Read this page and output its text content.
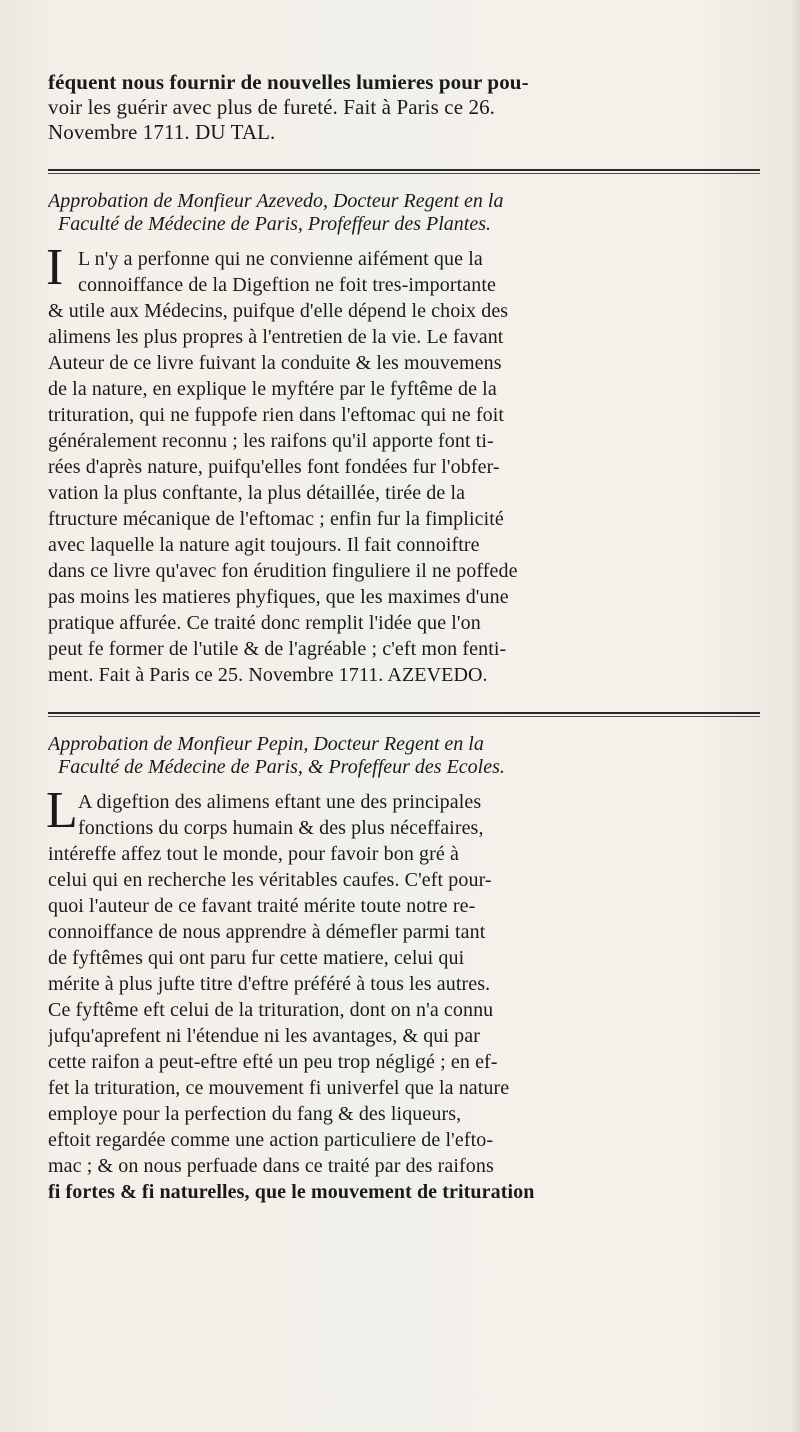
féquent nous fournir de nouvelles lumieres pour pou-

voir les guérir avec plus de fureté. Fait à Paris ce 26.

Novembre 1711. DU TAL.

Approbation de Monfieur Azevedo, Docteur Regent en la
Faculté de Médecine de Paris, Profeffeur des Plantes.
I L n'y a perfonne qui ne convienne aifément que la

connoiffance de la Digeftion ne foit tres-importante

& utile aux Médecins, puifque d'elle dépend le choix des

alimens les plus propres à l'entretien de la vie. Le favant

Auteur de ce livre fuivant la conduite & les mouvemens

de la nature, en explique le myftére par le fyftême de la

trituration, qui ne fuppofe rien dans l'eftomac qui ne foit

généralement reconnu ; les raifons qu'il apporte font ti-

rées d'après nature, puifqu'elles font fondées fur l'obfer-

vation la plus conftante, la plus détaillée, tirée de la

ftructure mécanique de l'eftomac ; enfin fur la fimplicité

avec laquelle la nature agit toujours. Il fait connoiftre

dans ce livre qu'avec fon érudition finguliere il ne poffede

pas moins les matieres phyfiques, que les maximes d'une

pratique affurée. Ce traité donc remplit l'idée que l'on

peut fe former de l'utile & de l'agréable ; c'eft mon fenti-

ment. Fait à Paris ce 25. Novembre 1711. AZEVEDO.

Approbation de Monfieur Pepin, Docteur Regent en la
Faculté de Médecine de Paris, & Profeffeur des Ecoles.
L A digeftion des alimens eftant une des principales

fonctions du corps humain & des plus néceffaires,

intéreffe affez tout le monde, pour favoir bon gré à

celui qui en recherche les véritables caufes. C'eft pour-

quoi l'auteur de ce favant traité mérite toute notre re-

connoiffance de nous apprendre à démefler parmi tant

de fyftêmes qui ont paru fur cette matiere, celui qui

mérite à plus jufte titre d'eftre préféré à tous les autres.

Ce fyftême eft celui de la trituration, dont on n'a connu

jufqu'aprefent ni l'étendue ni les avantages, & qui par

cette raifon a peut-eftre efté un peu trop négligé ; en ef-

fet la trituration, ce mouvement fi univerfel que la nature

employe pour la perfection du fang & des liqueurs,

eftoit regardée comme une action particuliere de l'efto-

mac ; & on nous perfuade dans ce traité par des raifons

fi fortes & fi naturelles, que le mouvement de trituration
